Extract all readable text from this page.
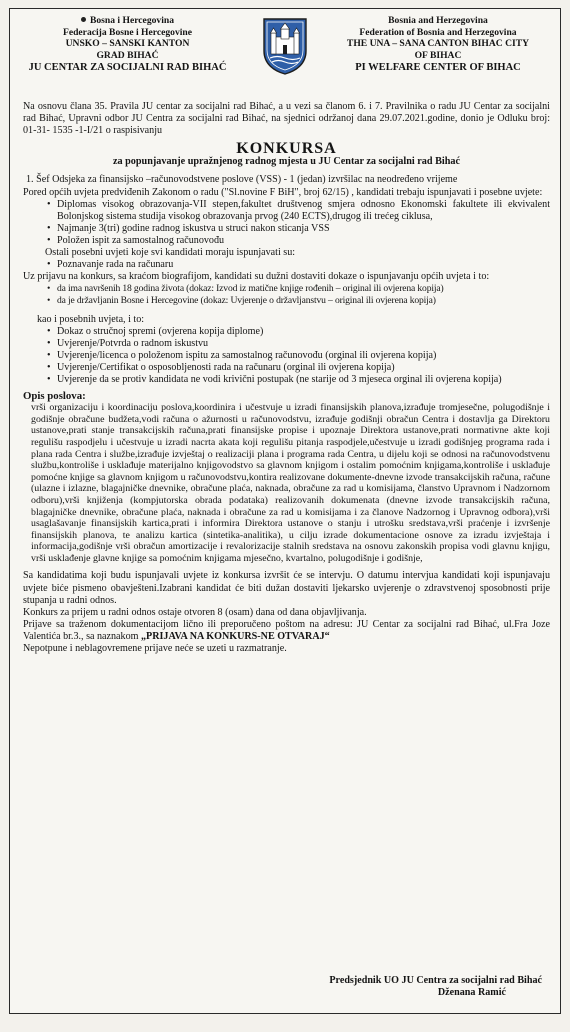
Bosna i Hercegovina
Federacija Bosne i Hercegovine
UNSKO – SANSKI KANTON
GRAD BIHAĆ
JU CENTAR ZA SOCIJALNI RAD BIHAĆ
Bosnia and Herzegovina
Federation of Bosnia and Herzegovina
THE UNA – SANA CANTON BIHAC CITY
OF BIHAC
PI WELFARE CENTER OF BIHAC

Na osnovu člana 35. Pravila JU centar za socijalni rad Bihać, a u vezi sa članom 6. i 7. Pravilnika o radu JU Centar za socijalni rad Bihać, Upravni odbor JU Centra za socijalni rad Bihać, na sjednici održanoj dana 29.07.2021.godine, donio je Odluku broj: 01-31- 1535 -1-I/21 o raspisivanju

KONKURSA
za popunjavanje upražnjenog radnog mjesta u JU Centar za socijalni rad Bihać

1. Šef Odsjeka za finansijsko –računovodstvene poslove (VSS) - 1 (jedan) izvršilac na neodređeno vrijeme

Pored općih uvjeta predviđenih Zakonom o radu ("Sl.novine F BiH", broj 62/15) , kandidati trebaju ispunjavati i posebne uvjete:

• Diplomas visokog obrazovanja-VII stepen,fakultet društvenog smjera odnosno Ekonomski fakultete ili ekvivalent Bolonjskog sistema studija visokog obrazovanja prvog (240 ECTS),drugog ili trećeg ciklusa,
• Najmanje 3(tri) godine radnog iskustva u struci nakon sticanja VSS
• Položen ispit za samostalnog računovođu

Ostali posebni uvjeti koje svi kandidati moraju ispunjavati su:

• Poznavanje rada na računaru

Uz prijavu na konkurs, sa kraćom biografijom, kandidati su dužni dostaviti dokaze o ispunjavanju općih uvjeta i to:

• da ima navršenih 18 godina života (dokaz: Izvod iz matične knjige rođenih – original ili ovjerena kopija)
• da je državljanin Bosne i Hercegovine (dokaz: Uvjerenje o državljanstvu – original ili ovjerena kopija)

kao i posebnih uvjeta, i to:

• Dokaz o stručnoj spremi (ovjerena kopija diplome)
• Uvjerenje/Potvrda o radnom iskustvu
• Uvjerenje/licenca o položenom ispitu za samostalnog računovođu (orginal ili ovjerena kopija)
• Uvjerenje/Certifikat o osposobljenosti rada na računaru (orginal ili ovjerena kopija)
• Uvjerenje da se protiv kandidata ne vodi krivični postupak (ne starije od 3 mjeseca orginal ili ovjerena kopija)
Opis poslova:

vrši organizaciju i koordinaciju poslova,koordinira i učestvuje u izradi finansijskih planova,izrađuje tromjesečne, polugodišnje i godišnje obračune budžeta,vodi računa o ažurnosti u računovodstvu, izrađuje godišnji obračun Centra i dostavlja ga Direktoru ustanove,prati stanje transakcijskih računa,prati finansijske propise i upoznaje Direktora ustanove,prati normativne akte koji regulišu raspodjelu i učestvuje u izradi nacrta akata koji regulišu pitanja raspodjele,učestvuje u izradi godišnjeg programa rada i plana rada Centra i službe,izrađuje izvještaj o realizaciji plana i programa rada Centra, u dijelu koji se odnosi na računovodstvenu službu,kontroliše i usklađuje materijalno knjigovodstvo sa glavnom knjigom i ostalim pomoćnim knjigama,kontroliše i usklađuje pomoćne knjige sa glavnom knjigom u računovodstvu,kontira realizovane dokumente-dnevne izvode transakcijskih računa, račune (ulazne i izlazne, blagajničke dnevnike, obračune plaća, naknada, obračune za rad u komisijama, članstvo Upravnom i Nadzornom odboru),vrši knjiženja (kompjutorska obrada podataka) realizovanih dokumenata (dnevne izvode transakcijskih računa, blagajničke dnevnike, obračune plaća, naknada i obračune za rad u komisijama i za članove Nadzornog i Upravnog odbora),vrši usaglašavanje finansijskih kartica,prati i informira Direktora ustanove o stanju i utrošku sredstava,vrši praćenje i izvršenje finansijskih planova, te analizu kartica (sintetika-analitika), u cilju izrade dokumentacione osnove za izradu izvještaja i informacija,godišnje vrši obračun amortizacije i revalorizacije stalnih sredstava na osnovu zakonskih propisa vodi glavnu knjigu, vrši usklađenje glavne knjige sa pomoćnim knjigama mjesečno, kvartalno, polugodišnje i godišnje,

Sa kandidatima koji budu ispunjavali uvjete iz konkursa izvršit će se intervju. O datumu intervjua kandidati koji ispunjavaju uvjete biće pismeno obavješteni.Izabrani kandidat će biti dužan dostaviti ljekarsko uvjerenje o zdravstvenoj sposobnosti prije stupanja u radni odnos.

Konkurs za prijem u radni odnos ostaje otvoren 8 (osam) dana od dana objavljivanja.

Prijave sa traženom dokumentacijom lično ili preporučeno poštom na adresu: JU Centar za socijalni rad Bihać, ul.Fra Joze Valentića br.3., sa naznakom „PRIJAVA NA KONKURS-NE OTVARAJ“

Nepotpune i neblagovremene prijave neće se uzeti u razmatranje.

Predsjednik UO JU Centra za socijalni rad Bihać
Dženana Ramić
